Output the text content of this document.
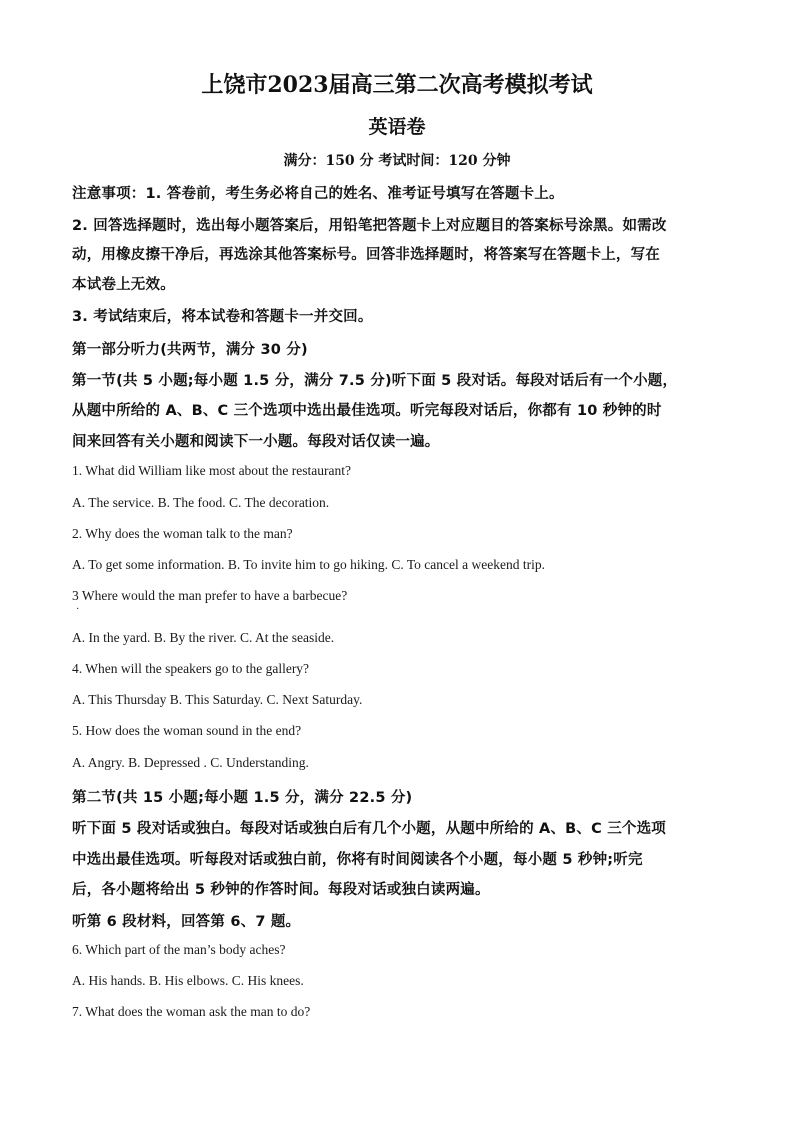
上饶市2023届高三第二次高考模拟考试
英语卷
满分：150 分 考试时间：120 分钟
注意事项：1. 答卷前，考生务必将自己的姓名、准考证号填写在答题卡上。
2. 回答选择题时，选出每小题答案后，用铅笔把答题卡上对应题目的答案标号涂黑。如需改
动，用橡皮擦干净后，再选涂其他答案标号。回答非选择题时，将答案写在答题卡上，写在
本试卷上无效。
3. 考试结束后，将本试卷和答题卡一并交回。
第一部分听力(共两节，满分 30 分)
第一节(共 5 小题;每小题 1.5 分，满分 7.5 分)听下面 5 段对话。每段对话后有一个小题，
从题中所给的 A、B、C 三个选项中选出最佳选项。听完每段对话后，你都有 10 秒钟的时
间来回答有关小题和阅读下一小题。每段对话仅读一遍。
1. What did William like most about the restaurant?
A. The service. B. The food. C. The decoration.
2. Why does the woman talk to the man?
A. To get some information. B. To invite him to go hiking. C. To cancel a weekend trip.
3 Where would the man prefer to have a barbecue?
·
A. In the yard. B. By the river. C. At the seaside.
4. When will the speakers go to the gallery?
A. This Thursday B. This Saturday. C. Next Saturday.
5. How does the woman sound in the end?
A. Angry. B. Depressed . C. Understanding.
第二节(共 15 小题;每小题 1.5 分，满分 22.5 分)
听下面 5 段对话或独白。每段对话或独白后有几个小题，从题中所给的 A、B、C 三个选项
中选出最佳选项。听每段对话或独白前，你将有时间阅读各个小题，每小题 5 秒钟;听完
后，各小题将给出 5 秒钟的作答时间。每段对话或独白读两遍。
听第 6 段材料，回答第 6、7 题。
6. Which part of the man’s body aches?
A. His hands. B. His elbows. C. His knees.
7. What does the woman ask the man to do?
